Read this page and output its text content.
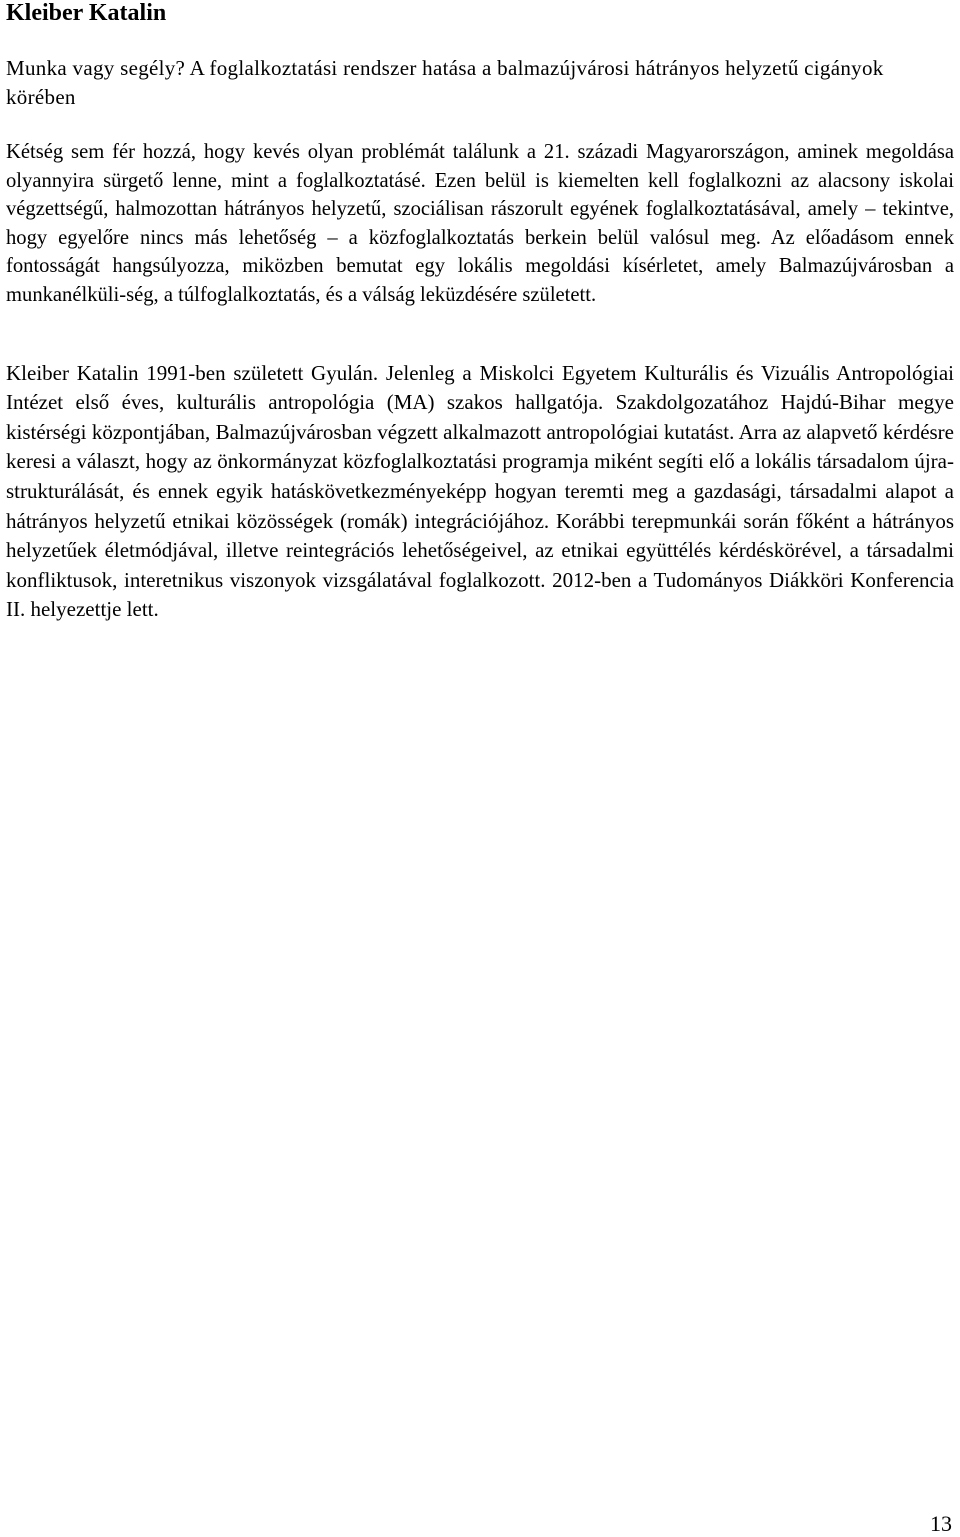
Kleiber Katalin

Munka vagy segély? A foglalkoztatási rendszer hatása a balmazújvárosi hátrányos helyzetű cigányok körében

Kétség sem fér hozzá, hogy kevés olyan problémát találunk a 21. századi Magyarországon, aminek megoldása olyannyira sürgető lenne, mint a foglalkoztatásé. Ezen belül is kiemelten kell foglalkozni az alacsony iskolai végzettségű, halmozottan hátrányos helyzetű, szociálisan rászorult egyének foglalkoztatásával, amely – tekintve, hogy egyelőre nincs más lehetőség – a közfoglalkoztatás berkein belül valósul meg. Az előadásom ennek fontosságát hangsúlyozza, miközben bemutat egy lokális megoldási kísérletet, amely Balmazújvárosban a munkanélküli-ség, a túlfoglalkoztatás, és a válság leküzdésére született.

Kleiber Katalin 1991-ben született Gyulán. Jelenleg a Miskolci Egyetem Kulturális és Vizuális Antropológiai Intézet első éves, kulturális antropológia (MA) szakos hallgatója. Szakdolgozatához Hajdú-Bihar megye kistérségi központjában, Balmazújvárosban végzett alkalmazott antropológiai kutatást. Arra az alapvető kérdésre keresi a választ, hogy az önkormányzat közfoglalkoztatási programja miként segíti elő a lokális társadalom újra-strukturálását, és ennek egyik hatáskövetkezményeképp hogyan teremti meg a gazdasági, társadalmi alapot a hátrányos helyzetű etnikai közösségek (romák) integrációjához. Korábbi terepmunkái során főként a hátrányos helyzetűek életmódjával, illetve reintegrációs lehetőségeivel, az etnikai együttélés kérdéskörével, a társadalmi konfliktusok, interetnikus viszonyok vizsgálatával foglalkozott. 2012-ben a Tudományos Diákköri Konferencia II. helyezettje lett.

13
